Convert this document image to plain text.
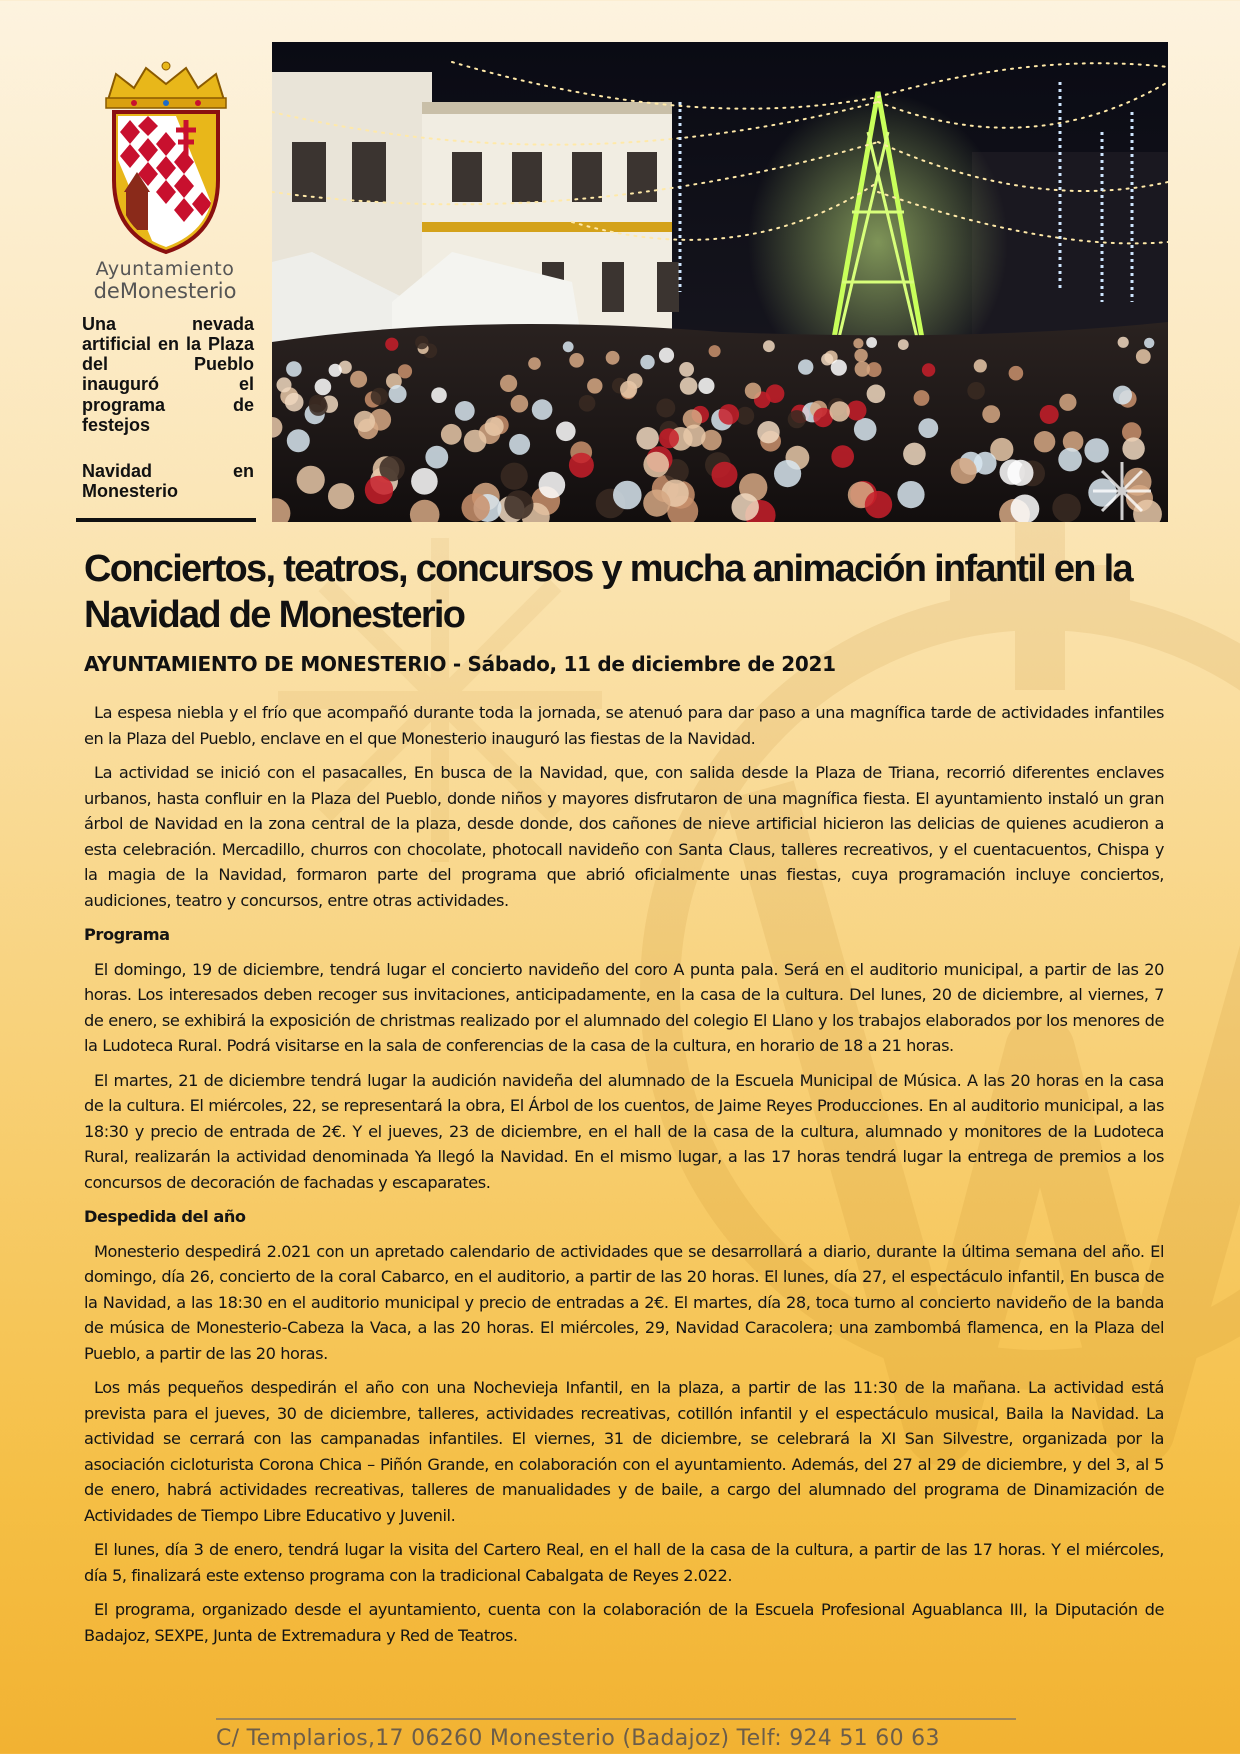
Ayuntamiento
deMonesterio
Una nevada artificial en la Plaza del Pueblo inauguró el programa de festejos
Navidad en Monesterio
Conciertos, teatros, concursos y mucha animación infantil en la Navidad de Monesterio

AYUNTAMIENTO DE MONESTERIO - Sábado, 11 de diciembre de 2021

La espesa niebla y el frío que acompañó durante toda la jornada, se atenuó para dar paso a una magnífica tarde de actividades infantiles en la Plaza del Pueblo, enclave en el que Monesterio inauguró las fiestas de la Navidad.

La actividad se inició con el pasacalles, En busca de la Navidad, que, con salida desde la Plaza de Triana, recorrió diferentes enclaves urbanos, hasta confluir en la Plaza del Pueblo, donde niños y mayores disfrutaron de una magnífica fiesta. El ayuntamiento instaló un gran árbol de Navidad en la zona central de la plaza, desde donde, dos cañones de nieve artificial hicieron las delicias de quienes acudieron a esta celebración. Mercadillo, churros con chocolate, photocall navideño con Santa Claus, talleres recreativos, y el cuentacuentos, Chispa y la magia de la Navidad, formaron parte del programa que abrió oficialmente unas fiestas, cuya programación incluye conciertos, audiciones, teatro y concursos, entre otras actividades.

Programa

El domingo, 19 de diciembre, tendrá lugar el concierto navideño del coro A punta pala. Será en el auditorio municipal, a partir de las 20 horas. Los interesados deben recoger sus invitaciones, anticipadamente, en la casa de la cultura. Del lunes, 20 de diciembre, al viernes, 7 de enero, se exhibirá la exposición de christmas realizado por el alumnado del colegio El Llano y los trabajos elaborados por los menores de la Ludoteca Rural. Podrá visitarse en la sala de conferencias de la casa de la cultura, en horario de 18 a 21 horas.

El martes, 21 de diciembre tendrá lugar la audición navideña del alumnado de la Escuela Municipal de Música. A las 20 horas en la casa de la cultura. El miércoles, 22, se representará la obra, El Árbol de los cuentos, de Jaime Reyes Producciones. En al auditorio municipal, a las 18:30 y precio de entrada de 2€. Y el jueves, 23 de diciembre, en el hall de la casa de la cultura, alumnado y monitores de la Ludoteca Rural, realizarán la actividad denominada Ya llegó la Navidad. En el mismo lugar, a las 17 horas tendrá lugar la entrega de premios a los concursos de decoración de fachadas y escaparates.

Despedida del año

Monesterio despedirá 2.021 con un apretado calendario de actividades que se desarrollará a diario, durante la última semana del año. El domingo, día 26, concierto de la coral Cabarco, en el auditorio, a partir de las 20 horas. El lunes, día 27, el espectáculo infantil, En busca de la Navidad, a las 18:30 en el auditorio municipal y precio de entradas a 2€. El martes, día 28, toca turno al concierto navideño de la banda de música de Monesterio-Cabeza la Vaca, a las 20 horas. El miércoles, 29, Navidad Caracolera; una zambombá flamenca, en la Plaza del Pueblo, a partir de las 20 horas.

Los más pequeños despedirán el año con una Nochevieja Infantil, en la plaza, a partir de las 11:30 de la mañana. La actividad está prevista para el jueves, 30 de diciembre, talleres, actividades recreativas, cotillón infantil y el espectáculo musical, Baila la Navidad. La actividad se cerrará con las campanadas infantiles. El viernes, 31 de diciembre, se celebrará la XI San Silvestre, organizada por la asociación cicloturista Corona Chica – Piñón Grande, en colaboración con el ayuntamiento. Además, del 27 al 29 de diciembre, y del 3, al 5 de enero, habrá actividades recreativas, talleres de manualidades y de baile, a cargo del alumnado del programa de Dinamización de Actividades de Tiempo Libre Educativo y Juvenil.

El lunes, día 3 de enero, tendrá lugar la visita del Cartero Real, en el hall de la casa de la cultura, a partir de las 17 horas. Y el miércoles, día 5, finalizará este extenso programa con la tradicional Cabalgata de Reyes 2.022.

El programa, organizado desde el ayuntamiento, cuenta con la colaboración de la Escuela Profesional Aguablanca III, la Diputación de Badajoz, SEXPE, Junta de Extremadura y Red de Teatros.

C/ Templarios,17 06260 Monesterio (Badajoz) Telf: 924 51 60 63
